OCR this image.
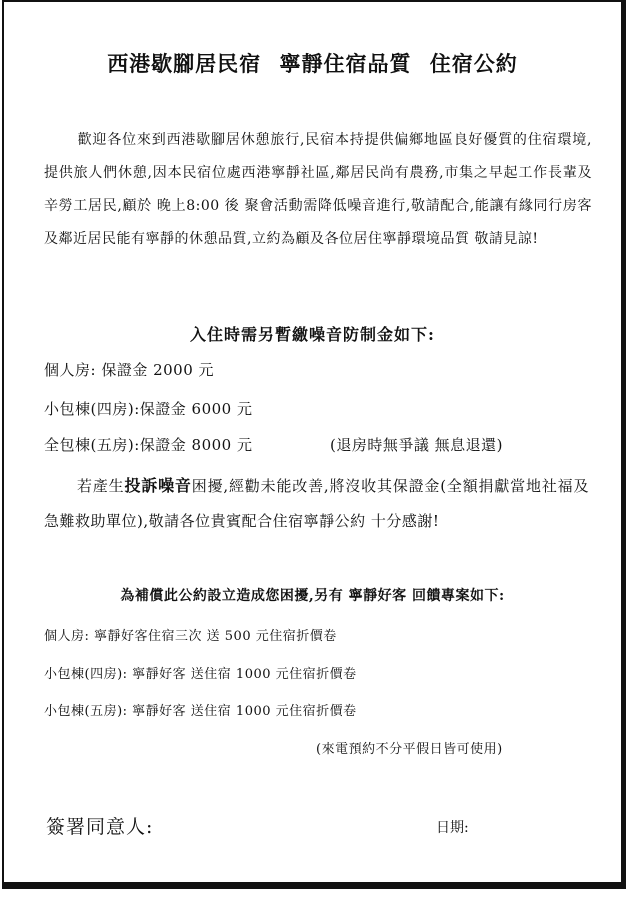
西港歇腳居民宿 寧靜住宿品質 住宿公約
歡迎各位來到西港歇腳居休憩旅行,民宿本持提供偏鄉地區良好優質的住宿環境,提供旅人們休憩,因本民宿位處西港寧靜社區,鄰居民尚有農務,市集之早起工作長輩及辛勞工居民,顧於 晚上8:00 後 聚會活動需降低噪音進行,敬請配合,能讓有緣同行房客及鄰近居民能有寧靜的休憩品質,立約為顧及各位居住寧靜環境品質 敬請見諒!
入住時需另暫繳噪音防制金如下:
個人房: 保證金 2000 元
小包棟(四房):保證金 6000 元
全包棟(五房):保證金 8000 元	(退房時無爭議 無息退還)
若產生投訴噪音困擾,經勸未能改善,將沒收其保證金(全額捐獻當地社福及急難救助單位),敬請各位貴賓配合住宿寧靜公約 十分感謝!
為補償此公約設立造成您困擾,另有 寧靜好客 回饋專案如下:
個人房: 寧靜好客住宿三次 送 500 元住宿折價卷
小包棟(四房): 寧靜好客 送住宿 1000 元住宿折價卷
小包棟(五房): 寧靜好客 送住宿 1000 元住宿折價卷
(來電預約不分平假日皆可使用)
簽署同意人:	日期:
